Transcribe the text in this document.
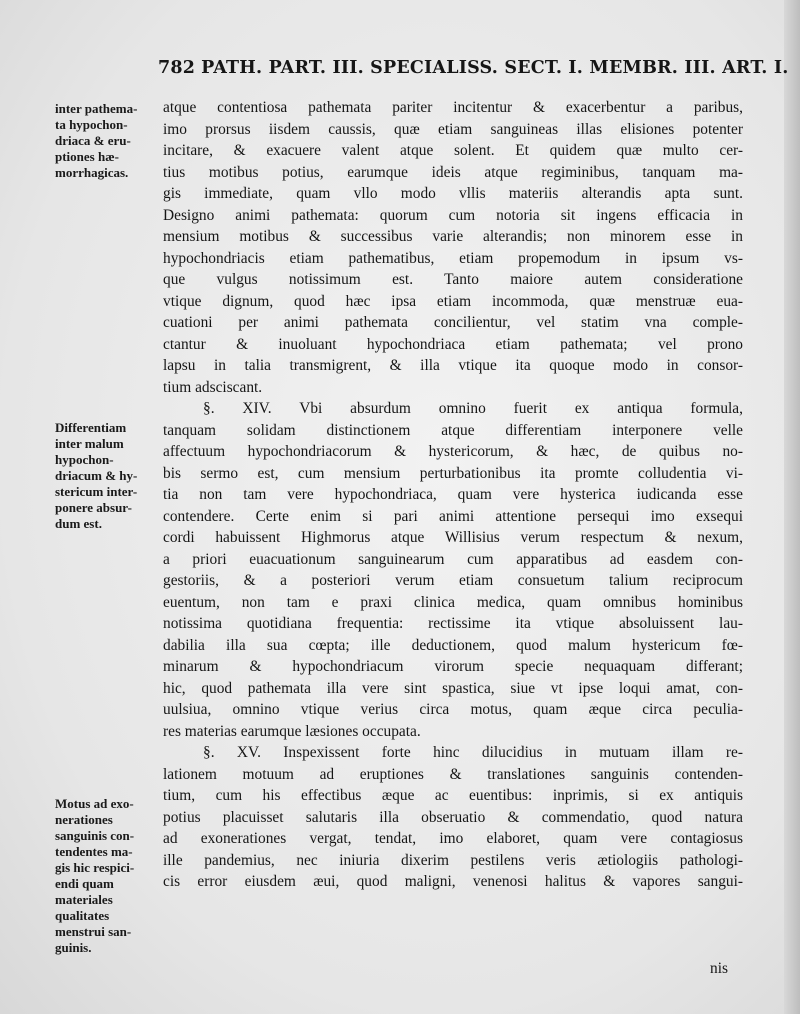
782 PATH. PART. III. SPECIALISS. SECT. I. MEMBR. III. ART. I.
inter pathema-
ta hypochon-
driaca & eru-
ptiones hæ-
morrhagicas.
Differentiam
inter malum
hypochon-
driacum & hy-
stericum inter-
ponere absur-
dum est.
Motus ad exo-
nerationes
sanguinis con-
tendentes ma-
gis hic respici-
endi quam
materiales
qualitates
menstrui san-
guinis.
atque contentiosa pathemata pariter incitentur & exacerbentur a paribus,
imo prorsus iisdem caussis, quæ etiam sanguineas illas elisiones potenter
incitare, & exacuere valent atque solent. Et quidem quæ multo cer-
tius motibus potius, earumque ideis atque regiminibus, tanquam ma-
gis immediate, quam vllo modo vllis materiis alterandis apta sunt.
Designo animi pathemata: quorum cum notoria sit ingens efficacia in
mensium motibus & successibus varie alterandis; non minorem esse in
hypochondriacis etiam pathematibus, etiam propemodum in ipsum vs-
que vulgus notissimum est. Tanto maiore autem consideratione
vtique dignum, quod hæc ipsa etiam incommoda, quæ menstruæ eua-
cuationi per animi pathemata concilientur, vel statim vna comple-
ctantur & inuoluant hypochondriaca etiam pathemata; vel prono
lapsu in talia transmigrent, & illa vtique ita quoque modo in consor-
tium adsciscant.
§. XIV. Vbi absurdum omnino fuerit ex antiqua formula,
tanquam solidam distinctionem atque differentiam interponere velle
affectuum hypochondriacorum & hystericorum, & hæc, de quibus no-
bis sermo est, cum mensium perturbationibus ita promte colludentia vi-
tia non tam vere hypochondriaca, quam vere hysterica iudicanda esse
contendere. Certe enim si pari animi attentione persequi imo exsequi
cordi habuissent Highmorus atque Willisius verum respectum & nexum,
a priori euacuationum sanguinearum cum apparatibus ad easdem con-
gestoriis, & a posteriori verum etiam consuetum talium reciprocum
euentum, non tam e praxi clinica medica, quam omnibus hominibus
notissima quotidiana frequentia: rectissime ita vtique absoluissent lau-
dabilia illa sua cœpta; ille deductionem, quod malum hystericum fœ-
minarum & hypochondriacum virorum specie nequaquam differant;
hic, quod pathemata illa vere sint spastica, siue vt ipse loqui amat, con-
uulsiua, omnino vtique verius circa motus, quam æque circa peculia-
res materias earumque læsiones occupata.
§. XV. Inspexissent forte hinc dilucidius in mutuam illam re-
lationem motuum ad eruptiones & translationes sanguinis contenden-
tium, cum his effectibus æque ac euentibus: inprimis, si ex antiquis
potius placuisset salutaris illa obseruatio & commendatio, quod natura
ad exonerationes vergat, tendat, imo elaboret, quam vere contagiosus
ille pandemius, nec iniuria dixerim pestilens veris ætiologiis pathologi-
cis error eiusdem æui, quod maligni, venenosi halitus & vapores sangui-
nis
